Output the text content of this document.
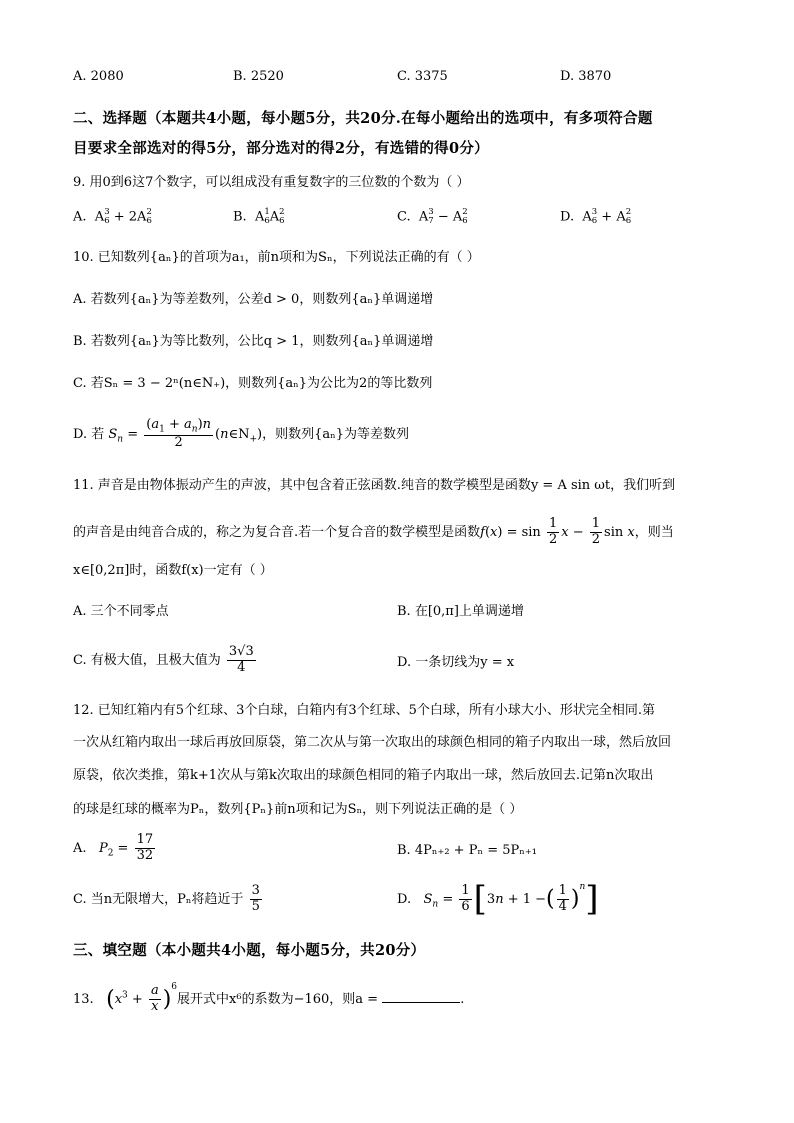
A. 2080	B. 2520	C. 3375	D. 3870
二、选择题（本题共4小题，每小题5分，共20分.在每小题给出的选项中，有多项符合题
目要求全部选对的得5分，部分选对的得2分，有选错的得0分）
9. 用0到6这7个数字，可以组成没有重复数字的三位数的个数为（ ）
A.  A 3
6 + 2A 2
6	B.  A 1
6 A 2
6	C.  A 3
7 − A 2
6	D.  A 3
6 + A 2
6
10. 已知数列{aₙ}的首项为a₁，前n项和为Sₙ，下列说法正确的有（ ）
A. 若数列{aₙ}为等差数列，公差d > 0，则数列{aₙ}单调递增
B. 若数列{aₙ}为等比数列，公比q > 1，则数列{aₙ}单调递增
C. 若Sₙ = 3 − 2ⁿ(n∈N₊)，则数列{aₙ}为公比为2的等比数列
D. 若 $S_n = \frac{(a_1 + a_n)n}{2}$ $(n\in N_+)$，则数列{aₙ}为等差数列
11. 声音是由物体振动产生的声波，其中包含着正弦函数.纯音的数学模型是函数y = A sin ωt，我们听到
的声音是由纯音合成的，称之为复合音.若一个复合音的数学模型是函数$f(x) = \sin \frac{1}{2}$ $x - \frac{1}{2}$ sin x，则当
x∈[0,2π]时，函数f(x)一定有（ ）
A. 三个不同零点	B. 在[0,π]上单调递增
C. 有极大值，且极大值为 $\frac{3√3}{4}$	D. 一条切线为y = x
12. 已知红箱内有5个红球、3个白球，白箱内有3个红球、5个白球，所有小球大小、形状完全相同.第
一次从红箱内取出一球后再放回原袋，第二次从与第一次取出的球颜色相同的箱子内取出一球，然后放回
原袋，依次类推，第k+1次从与第k次取出的球颜色相同的箱子内取出一球，然后放回去.记第n次取出
的球是红球的概率为Pₙ，数列{Pₙ}前n项和记为Sₙ，则下列说法正确的是（ ）
A. $P_2 = \frac{17}{32}$	B. 4Pₙ₊₂ + Pₙ = 5Pₙ₊₁
C. 当n无限增大，Pₙ将趋近于 $\frac{3}{5}$	D. $S_n = \frac{1}{6} [3n + 1$ −( $\frac{1}{4} )^n$]
三、填空题（本小题共4小题，每小题5分，共20分）
13. $(x^3 + \frac{a}{x} )^6$展开式中x⁶的系数为−160，则a =	.
